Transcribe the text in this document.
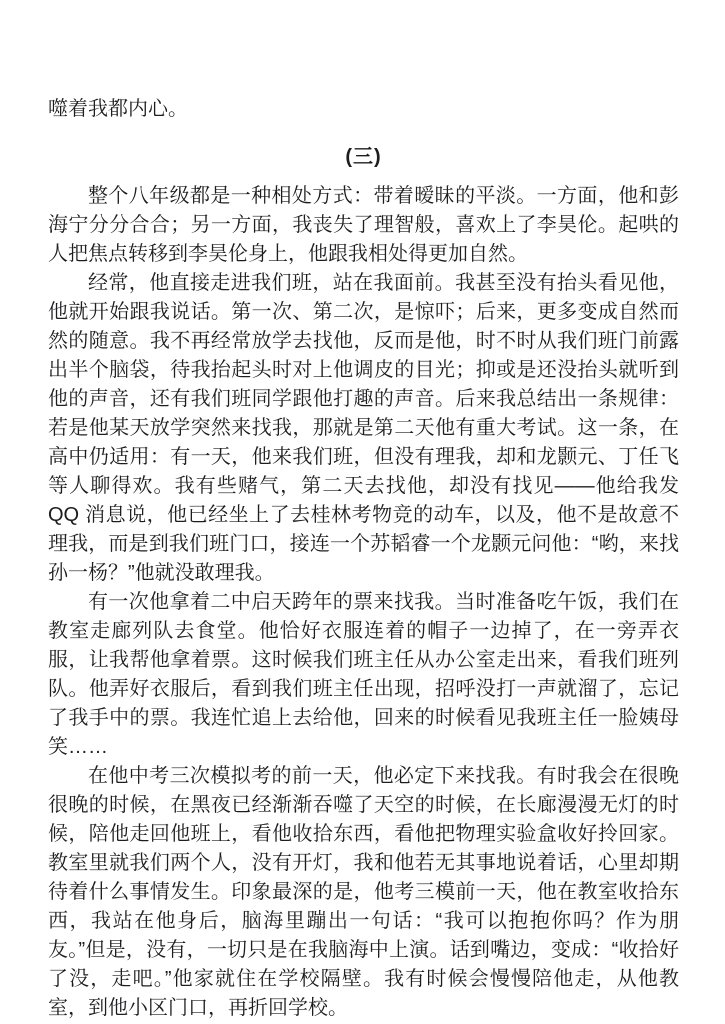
噬着我都内心。

(三)

整个八年级都是一种相处方式：带着暧昧的平淡。一方面，他和彭海宁分分合合；另一方面，我丧失了理智般，喜欢上了李昊伦。起哄的人把焦点转移到李昊伦身上，他跟我相处得更加自然。

经常，他直接走进我们班，站在我面前。我甚至没有抬头看见他，他就开始跟我说话。第一次、第二次，是惊吓；后来，更多变成自然而然的随意。我不再经常放学去找他，反而是他，时不时从我们班门前露出半个脑袋，待我抬起头时对上他调皮的目光；抑或是还没抬头就听到他的声音，还有我们班同学跟他打趣的声音。后来我总结出一条规律：若是他某天放学突然来找我，那就是第二天他有重大考试。这一条，在高中仍适用：有一天，他来我们班，但没有理我，却和龙颢元、丁任飞等人聊得欢。我有些赌气，第二天去找他，却没有找见——他给我发 QQ 消息说，他已经坐上了去桂林考物竞的动车，以及，他不是故意不理我，而是到我们班门口，接连一个苏韬睿一个龙颢元问他：“哟，来找孙一杨？”他就没敢理我。

有一次他拿着二中启天跨年的票来找我。当时准备吃午饭，我们在教室走廊列队去食堂。他恰好衣服连着的帽子一边掉了，在一旁弄衣服，让我帮他拿着票。这时候我们班主任从办公室走出来，看我们班列队。他弄好衣服后，看到我们班主任出现，招呼没打一声就溜了，忘记了我手中的票。我连忙追上去给他，回来的时候看见我班主任一脸姨母笑……

在他中考三次模拟考的前一天，他必定下来找我。有时我会在很晚很晚的时候，在黑夜已经渐渐吞噬了天空的时候，在长廊漫漫无灯的时候，陪他走回他班上，看他收拾东西，看他把物理实验盒收好拎回家。教室里就我们两个人，没有开灯，我和他若无其事地说着话，心里却期待着什么事情发生。印象最深的是，他考三模前一天，他在教室收拾东西，我站在他身后，脑海里蹦出一句话：“我可以抱抱你吗？作为朋友。”但是，没有，一切只是在我脑海中上演。话到嘴边，变成：“收拾好了没，走吧。”他家就住在学校隔壁。我有时候会慢慢陪他走，从他教室，到他小区门口，再折回学校。
